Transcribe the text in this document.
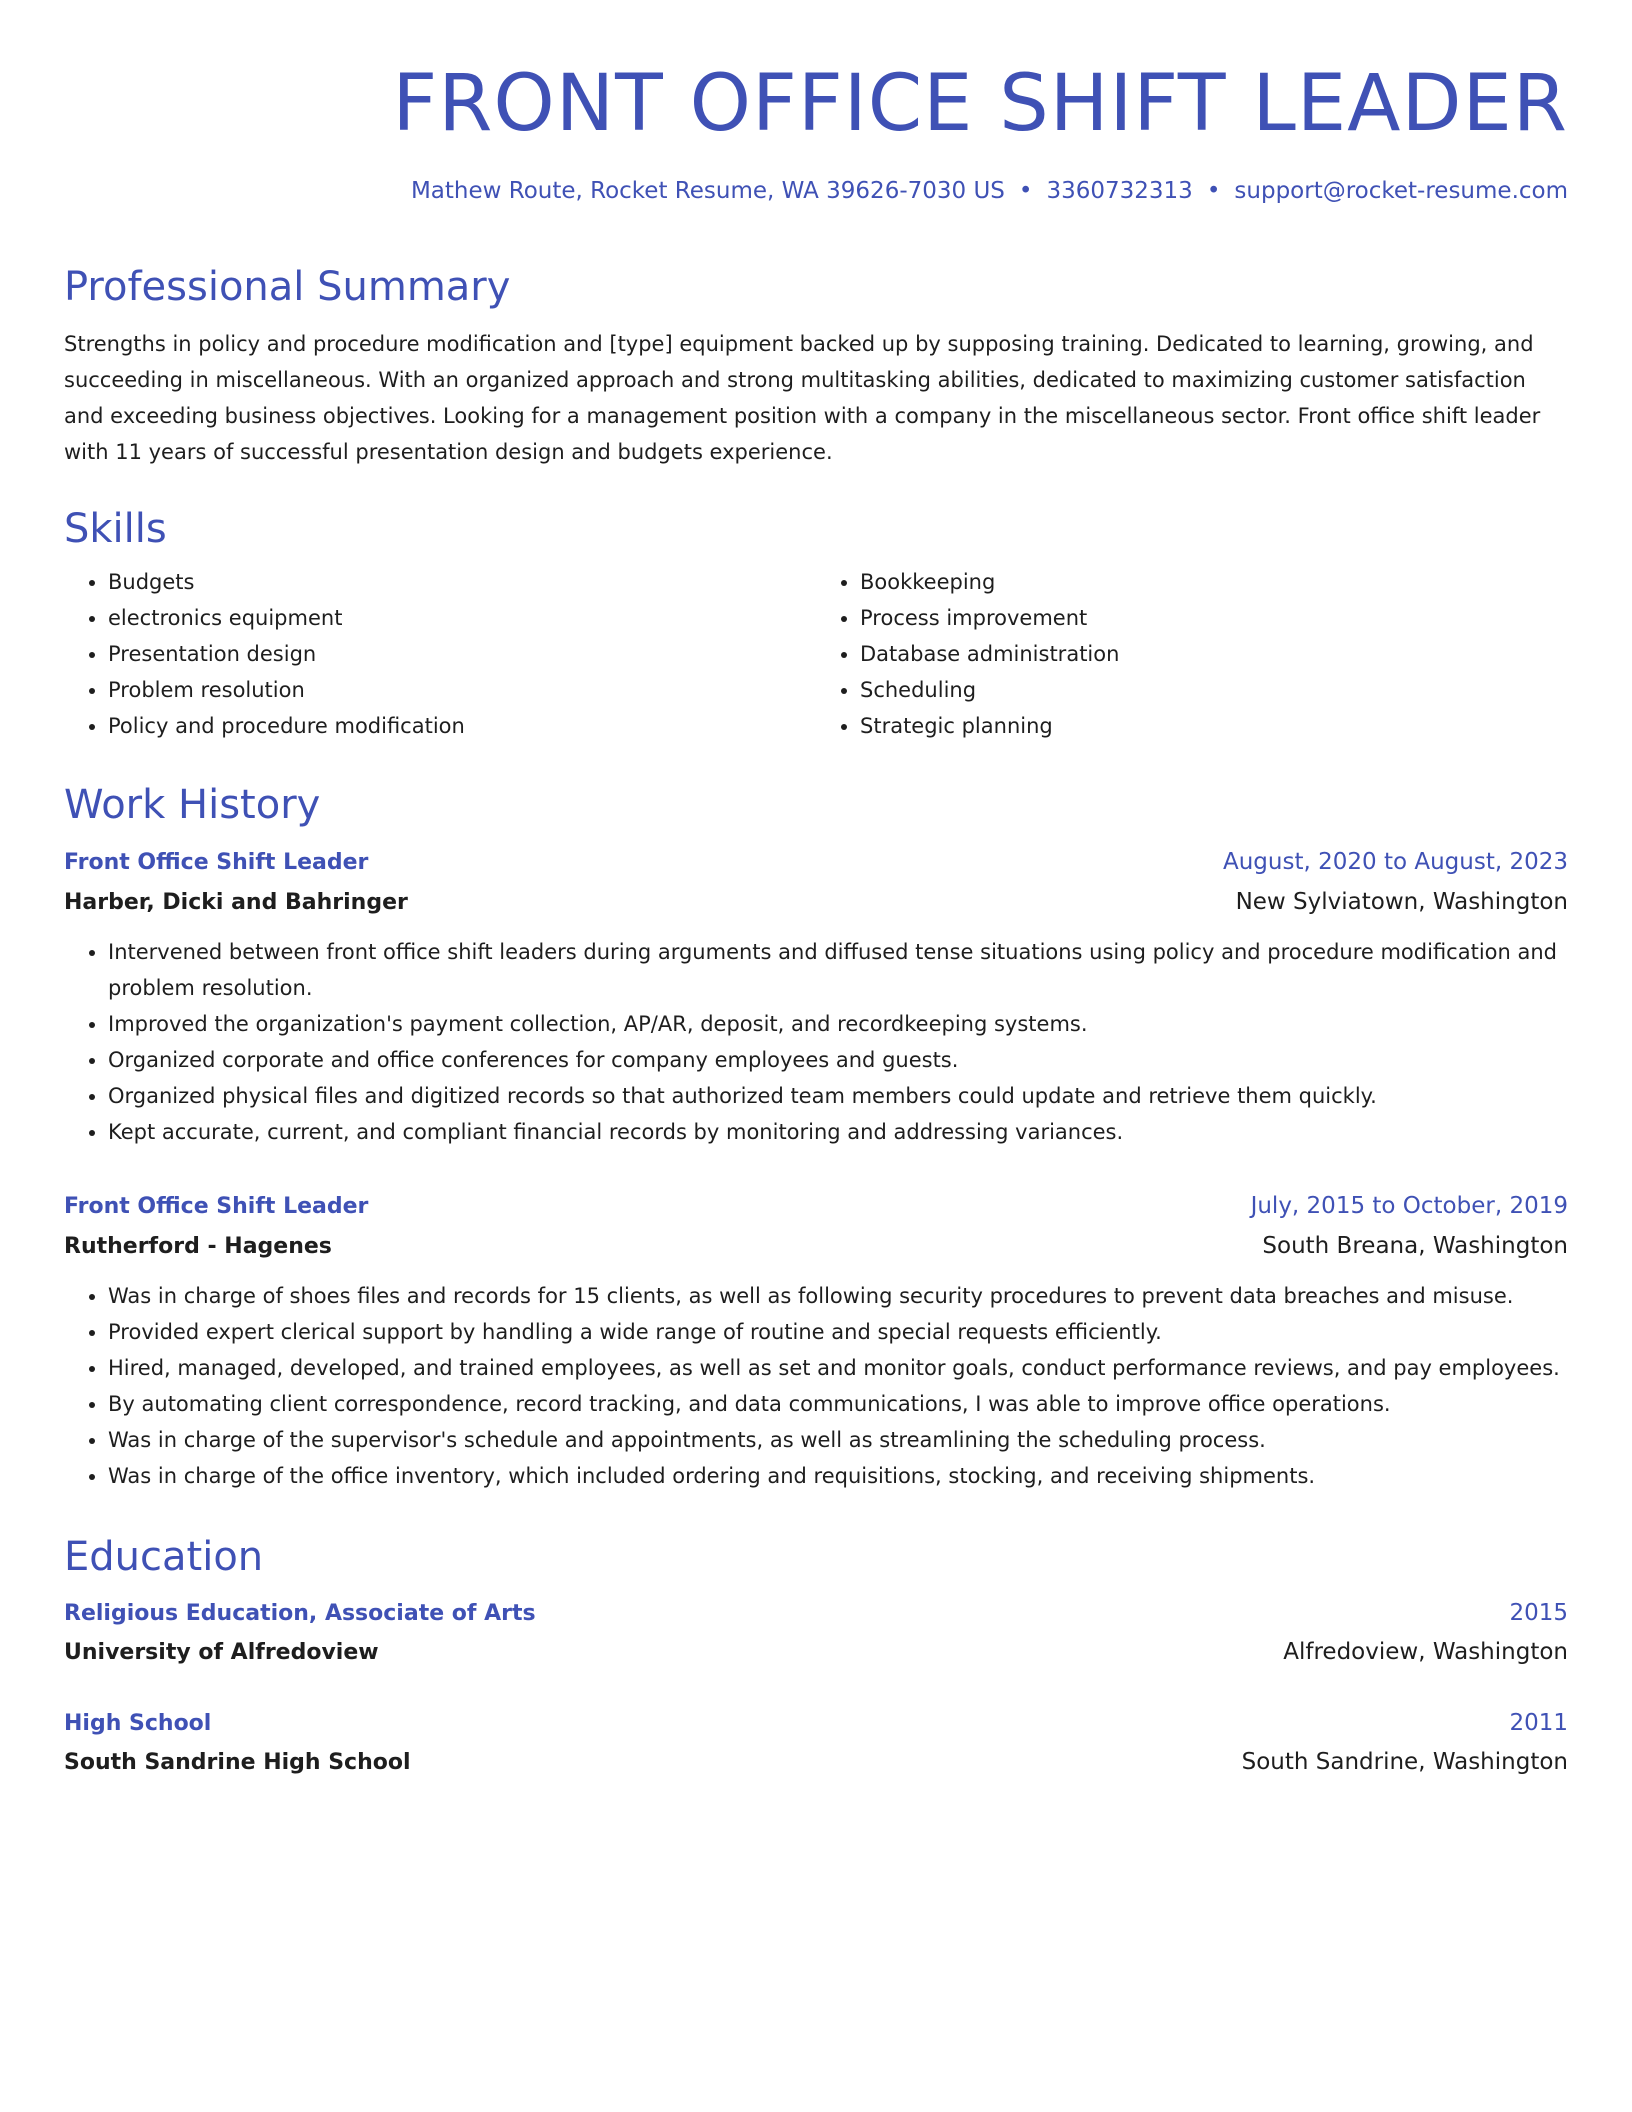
FRONT OFFICE SHIFT LEADER
Mathew Route, Rocket Resume, WA 39626-7030 US • 3360732313 • support@rocket-resume.com
Professional Summary

Strengths in policy and procedure modification and [type] equipment backed up by supposing training. Dedicated to learning, growing, and succeeding in miscellaneous. With an organized approach and strong multitasking abilities, dedicated to maximizing customer satisfaction and exceeding business objectives. Looking for a management position with a company in the miscellaneous sector. Front office shift leader with 11 years of successful presentation design and budgets experience.

Skills
• Budgets
• electronics equipment
• Presentation design
• Problem resolution
• Policy and procedure modification
• Bookkeeping
• Process improvement
• Database administration
• Scheduling
• Strategic planning
Work History
Front Office Shift Leader	August, 2020 to August, 2023
Harber, Dicki and Bahringer	New Sylviatown, Washington
• Intervened between front office shift leaders during arguments and diffused tense situations using policy and procedure modification and problem resolution.
• Improved the organization's payment collection, AP/AR, deposit, and recordkeeping systems.
• Organized corporate and office conferences for company employees and guests.
• Organized physical files and digitized records so that authorized team members could update and retrieve them quickly.
• Kept accurate, current, and compliant financial records by monitoring and addressing variances.
Front Office Shift Leader	July, 2015 to October, 2019
Rutherford - Hagenes	South Breana, Washington
• Was in charge of shoes files and records for 15 clients, as well as following security procedures to prevent data breaches and misuse.
• Provided expert clerical support by handling a wide range of routine and special requests efficiently.
• Hired, managed, developed, and trained employees, as well as set and monitor goals, conduct performance reviews, and pay employees.
• By automating client correspondence, record tracking, and data communications, I was able to improve office operations.
• Was in charge of the supervisor's schedule and appointments, as well as streamlining the scheduling process.
• Was in charge of the office inventory, which included ordering and requisitions, stocking, and receiving shipments.
Education
Religious Education, Associate of Arts	2015
University of Alfredoview	Alfredoview, Washington
High School	2011
South Sandrine High School	South Sandrine, Washington
